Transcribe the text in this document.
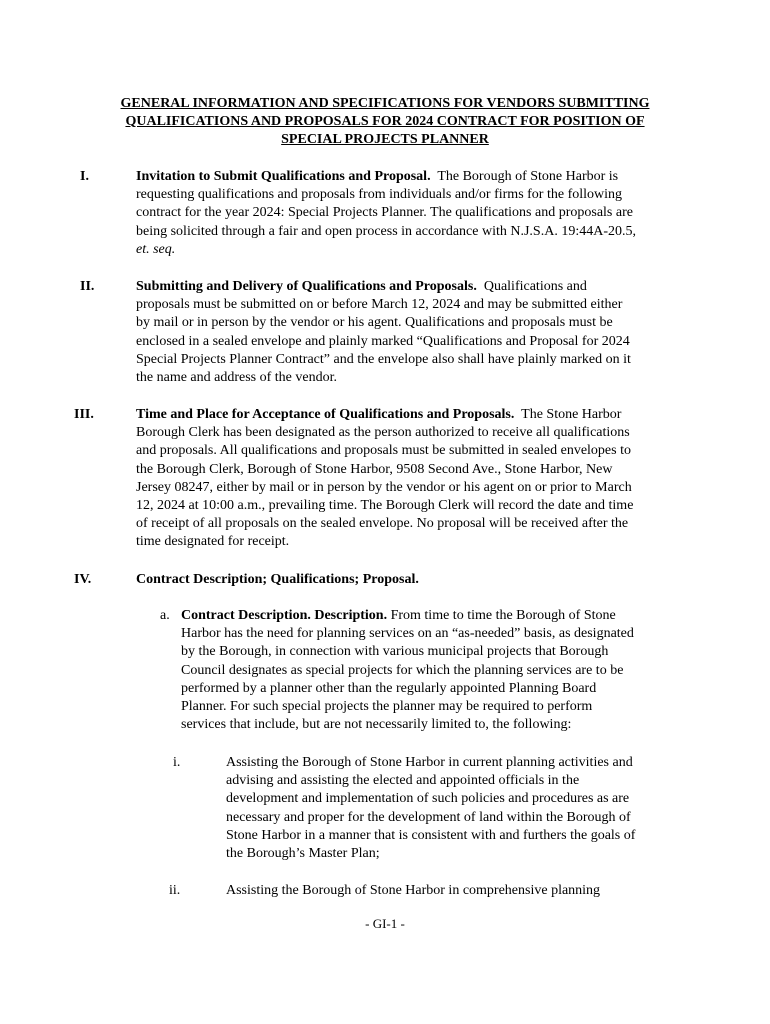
GENERAL INFORMATION AND SPECIFICATIONS FOR VENDORS SUBMITTING
QUALIFICATIONS AND PROPOSALS FOR 2024 CONTRACT FOR POSITION OF
SPECIAL PROJECTS PLANNER
I.	Invitation to Submit Qualifications and Proposal.  The Borough of Stone Harbor is
requesting qualifications and proposals from individuals and/or firms for the following
contract for the year 2024: Special Projects Planner. The qualifications and proposals are
being solicited through a fair and open process in accordance with N.J.S.A. 19:44A-20.5,
et. seq.
II.	Submitting and Delivery of Qualifications and Proposals.  Qualifications and
proposals must be submitted on or before March 12, 2024 and may be submitted either
by mail or in person by the vendor or his agent. Qualifications and proposals must be
enclosed in a sealed envelope and plainly marked “Qualifications and Proposal for 2024
Special Projects Planner Contract” and the envelope also shall have plainly marked on it
the name and address of the vendor.
III.	Time and Place for Acceptance of Qualifications and Proposals.  The Stone Harbor
Borough Clerk has been designated as the person authorized to receive all qualifications
and proposals. All qualifications and proposals must be submitted in sealed envelopes to
the Borough Clerk, Borough of Stone Harbor, 9508 Second Ave., Stone Harbor, New
Jersey 08247, either by mail or in person by the vendor or his agent on or prior to March
12, 2024 at 10:00 a.m., prevailing time. The Borough Clerk will record the date and time
of receipt of all proposals on the sealed envelope. No proposal will be received after the
time designated for receipt.
IV.	Contract Description; Qualifications; Proposal.
a. Contract Description. Description. From time to time the Borough of Stone
Harbor has the need for planning services on an “as-needed” basis, as designated
by the Borough, in connection with various municipal projects that Borough
Council designates as special projects for which the planning services are to be
performed by a planner other than the regularly appointed Planning Board
Planner. For such special projects the planner may be required to perform
services that include, but are not necessarily limited to, the following:
i.	Assisting the Borough of Stone Harbor in current planning activities and
advising and assisting the elected and appointed officials in the
development and implementation of such policies and procedures as are
necessary and proper for the development of land within the Borough of
Stone Harbor in a manner that is consistent with and furthers the goals of
the Borough’s Master Plan;
ii.	Assisting the Borough of Stone Harbor in comprehensive planning
- GI-1 -
